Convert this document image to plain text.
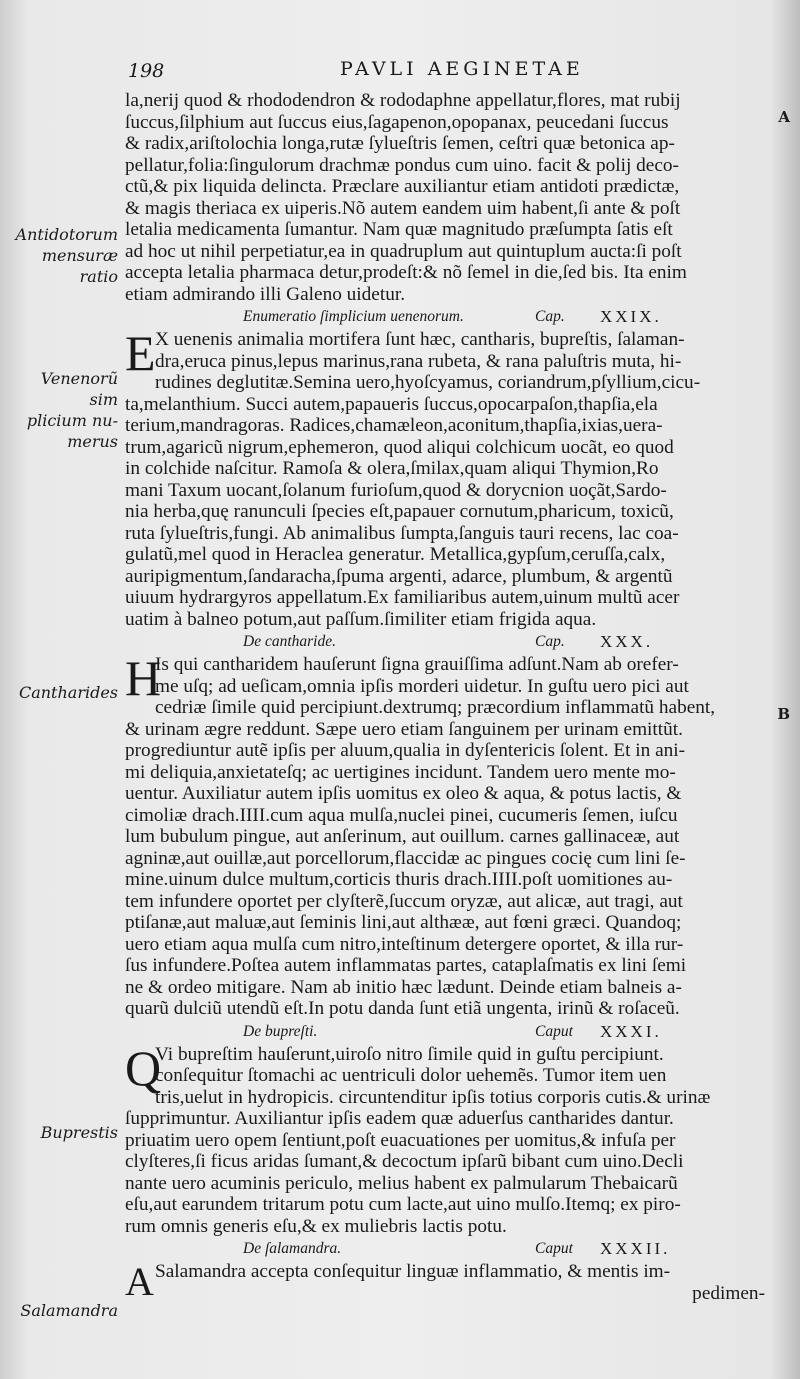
198	PAVLI AEGINETAE
A
B
Antidotorum
mensuræ ratio
Venenorũ sim
plicium nu-
merus
Cantharides
Buprestis
Salamandra
la,nerij quod & rhododendron & rododaphne appellatur,flores, mat rubij
ſuccus,ſilphium aut ſuccus eius,ſagapenon,opopanax, peucedani ſuccus
& radix,ariſtolochia longa,rutæ ſylueſtris ſemen, ceſtri quæ betonica ap-
pellatur,folia:ſingulorum drachmæ pondus cum uino. facit & polij deco-
ctũ,& pix liquida delincta. Præclare auxiliantur etiam antidoti prædictæ,
& magis theriaca ex uiperis.Nõ autem eandem uim habent,ſi ante & poſt
letalia medicamenta ſumantur. Nam quæ magnitudo præſumpta ſatis eſt
ad hoc ut nihil perpetiatur,ea in quadruplum aut quintuplum aucta:ſi poſt
accepta letalia pharmaca detur,prodeſt:& nõ ſemel in die,ſed bis. Ita enim
etiam admirando illi Galeno uidetur.
Enumeratio ſimplicium uenenorum.	Cap. XXIX.
E X uenenis animalia mortifera ſunt hæc, cantharis, bupreſtis, ſalaman-
dra,eruca pinus,lepus marinus,rana rubeta, & rana paluſtris muta, hi-
rudines deglutitæ.Semina uero,hyoſcyamus, coriandrum,pſyllium,cicu-
ta,melanthium. Succi autem,papaueris ſuccus,opocarpaſon,thapſia,ela
terium,mandragoras. Radices,chamæleon,aconitum,thapſia,ixias,uera-
trum,agaricũ nigrum,ephemeron, quod aliqui colchicum uocãt, eo quod
in colchide naſcitur. Ramoſa & olera,ſmilax,quam aliqui Thymion,Ro
mani Taxum uocant,ſolanum furioſum,quod & dorycnion uoçãt,Sardo-
nia herba,quę ranunculi ſpecies eſt,papauer cornutum,pharicum, toxicũ,
ruta ſylueſtris,fungi. Ab animalibus ſumpta,ſanguis tauri recens, lac coa-
gulatũ,mel quod in Heraclea generatur. Metallica,gypſum,ceruſſa,calx,
auripigmentum,ſandaracha,ſpuma argenti, adarce, plumbum, & argentũ
uiuum hydrargyros appellatum.Ex familiaribus autem,uinum multũ acer
uatim à balneo potum,aut paſſum.ſimiliter etiam frigida aqua.
De cantharide.	Cap. XXX.
H
Is qui cantharidem hauſerunt ſigna grauiſſima adſunt.Nam ab orefer-
me uſq; ad ueſicam,omnia ipſis morderi uidetur. In guſtu uero pici aut
cedriæ ſimile quid percipiunt.dextrumq; præcordium inflammatũ habent,
& urinam ægre reddunt. Sæpe uero etiam ſanguinem per urinam emittũt.
progrediuntur autẽ ipſis per aluum,qualia in dyſentericis ſolent. Et in ani-
mi deliquia,anxietateſq; ac uertigines incidunt. Tandem uero mente mo-
uentur. Auxiliatur autem ipſis uomitus ex oleo & aqua, & potus lactis, &
cimoliæ drach.IIII.cum aqua mulſa,nuclei pinei, cucumeris ſemen, iuſcu
lum bubulum pingue, aut anſerinum, aut ouillum. carnes gallinaceæ, aut
agninæ,aut ouillæ,aut porcellorum,flaccidæ ac pingues cocię cum lini ſe-
mine.uinum dulce multum,corticis thuris drach.IIII.poſt uomitiones au-
tem infundere oportet per clyſterẽ,ſuccum oryzæ, aut alicæ, aut tragi, aut
ptiſanæ,aut maluæ,aut ſeminis lini,aut althææ, aut fœni græci. Quandoq;
uero etiam aqua mulſa cum nitro,inteſtinum detergere oportet, & illa rur-
ſus infundere.Poſtea autem inflammatas partes, cataplaſmatis ex lini ſemi
ne & ordeo mitigare. Nam ab initio hæc lædunt. Deinde etiam balneis a-
quarũ dulciũ utendũ eſt.In potu danda ſunt etiã ungenta, irinũ & roſaceũ.
De bupreſti.	Caput XXXI.
Q
Vi bupreſtim hauſerunt,uiroſo nitro ſimile quid in guſtu percipiunt.
conſequitur ſtomachi ac uentriculi dolor uehemẽs. Tumor item uen
tris,uelut in hydropicis. circuntenditur ipſis totius corporis cutis.& urinæ
ſupprimuntur. Auxiliantur ipſis eadem quæ aduerſus cantharides dantur.
priuatim uero opem ſentiunt,poſt euacuationes per uomitus,& infuſa per
clyſteres,ſi ficus aridas ſumant,& decoctum ipſarũ bibant cum uino.Decli
nante uero acuminis periculo, melius habent ex palmularum Thebaicarũ
eſu,aut earundem tritarum potu cum lacte,aut uino mulſo.Itemq; ex piro-
rum omnis generis eſu,& ex muliebris lactis potu.
De ſalamandra.	Caput XXXII.
A Salamandra accepta conſequitur linguæ inflammatio, & mentis im-
pedimen-
